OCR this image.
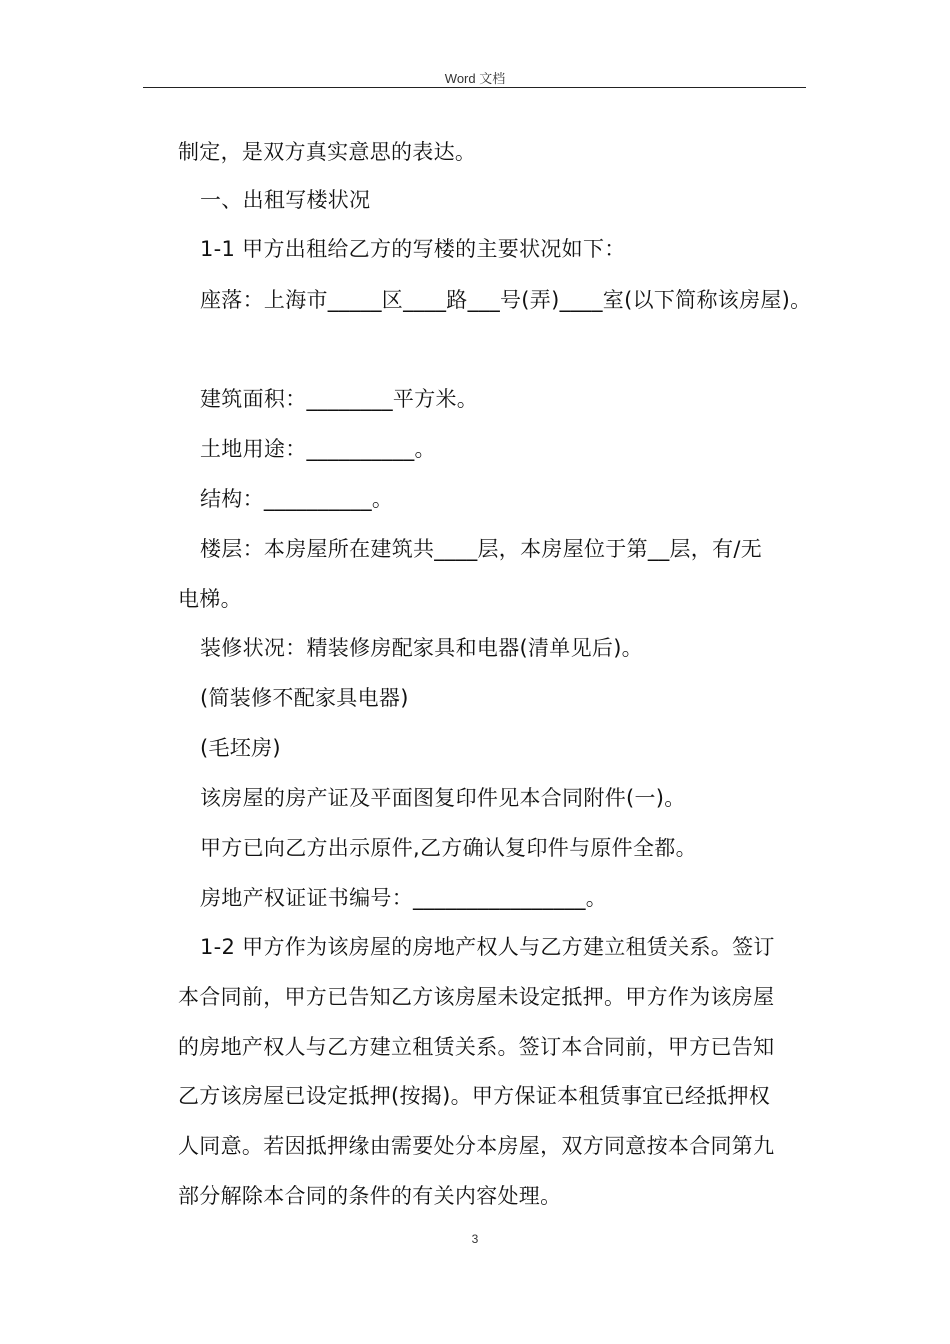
Word 文档
制定，是双方真实意思的表达。
一、出租写楼状况
1-1 甲方出租给乙方的写楼的主要状况如下：
座落：上海市_____区____路___号(弄)____室(以下简称该房屋)。
建筑面积：________平方米。
土地用途：__________。
结构：__________。
楼层：本房屋所在建筑共____层，本房屋位于第__层，有/无
电梯。
装修状况：精装修房配家具和电器(清单见后)。
(简装修不配家具电器)
(毛坯房)
该房屋的房产证及平面图复印件见本合同附件(一)。
甲方已向乙方出示原件,乙方确认复印件与原件全都。
房地产权证证书编号：________________。
1-2 甲方作为该房屋的房地产权人与乙方建立租赁关系。签订
本合同前，甲方已告知乙方该房屋未设定抵押。甲方作为该房屋
的房地产权人与乙方建立租赁关系。签订本合同前，甲方已告知
乙方该房屋已设定抵押(按揭)。甲方保证本租赁事宜已经抵押权
人同意。若因抵押缘由需要处分本房屋，双方同意按本合同第九
部分解除本合同的条件的有关内容处理。
3
